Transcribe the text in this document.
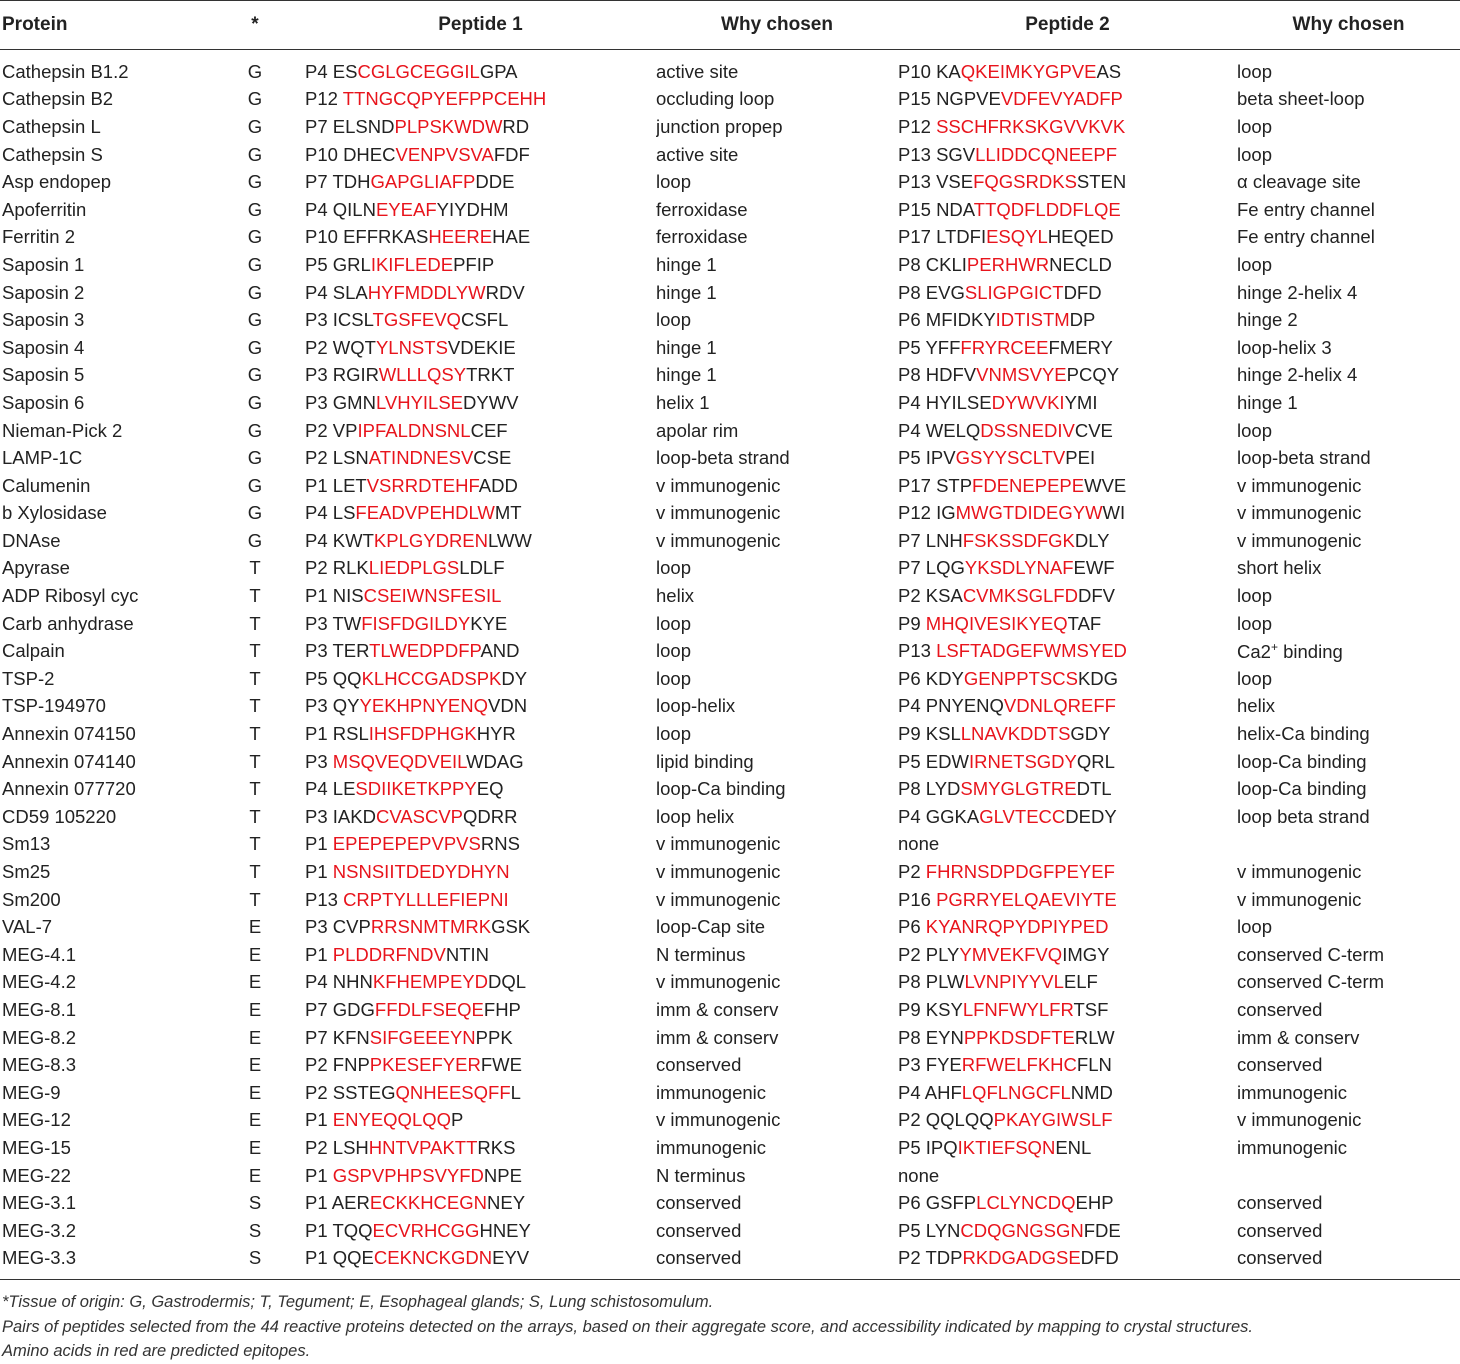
Protein	*	Peptide 1	Why chosen	Peptide 2	Why chosen

Cathepsin B1.2	G	P4 ESCGLGCEGGILGPA	active site	P10 KAQKEIMKYGPVEAS	loop
Cathepsin B2	G	P12 TTNGCQPYEFPPCEHH	occluding loop	P15 NGPVEVDFEVYADFP	beta sheet-loop
Cathepsin L	G	P7 ELSNDPLPSKWDWRD	junction propep	P12 SSCHFRKSKGVVKVK	loop
Cathepsin S	G	P10 DHECVENPVSVAFDF	active site	P13 SGVLLIDDCQNEEPF	loop
Asp endopep	G	P7 TDHGAPGLIAFPDDE	loop	P13 VSEFQGSRDKSSTEN	α cleavage site
Apoferritin	G	P4 QILNEYEAFYIYDHM	ferroxidase	P15 NDATTQDFLDDFLQE	Fe entry channel
Ferritin 2	G	P10 EFFRKASHEEREHAE	ferroxidase	P17 LTDFIESQYLHEQED	Fe entry channel
Saposin 1	G	P5 GRLIKIFLEDEPFIP	hinge 1	P8 CKLIPERHWRNECLD	loop
Saposin 2	G	P4 SLAHYFMDDLYWRDV	hinge 1	P8 EVGSLIGPGICTDFD	hinge 2-helix 4
Saposin 3	G	P3 ICSLTGSFEVQCSFL	loop	P6 MFIDKYIDTISTMDP	hinge 2
Saposin 4	G	P2 WQTYLNSTSVDEKIE	hinge 1	P5 YFFFRYRCEEFMERY	loop-helix 3
Saposin 5	G	P3 RGIRWLLLQSYTRKT	hinge 1	P8 HDFVVNMSVYEPCQY	hinge 2-helix 4
Saposin 6	G	P3 GMNLVHYILSEDYWV	helix 1	P4 HYILSEDYWVKIYMI	hinge 1
Nieman-Pick 2	G	P2 VPIPFALDNSNLCEF	apolar rim	P4 WELQDSSNEDIVCVE	loop
LAMP-1C	G	P2 LSNATINDNESVCSE	loop-beta strand	P5 IPVGSYYSCLTVPEI	loop-beta strand
Calumenin	G	P1 LETVSRRDTEHFADD	v immunogenic	P17 STPFDENEPEPEWVE	v immunogenic
b Xylosidase	G	P4 LSFEADVPEHDLWMT	v immunogenic	P12 IGMWGTDIDEGYWWI	v immunogenic
DNAse	G	P4 KWTKPLGYDRENLWW	v immunogenic	P7 LNHFSKSSDFGKDLY	v immunogenic
Apyrase	T	P2 RLKLIEDPLGSLDLF	loop	P7 LQGYKSDLYNAFEWF	short helix
ADP Ribosyl cyc	T	P1 NISCSEIWNSFESIL	helix	P2 KSACVMKSGLFDDFV	loop
Carb anhydrase	T	P3 TWFISFDGILDYKYE	loop	P9 MHQIVESIKYEQTAF	loop
Calpain	T	P3 TERTLWEDPDFPAND	loop	P13 LSFTADGEFWMSYED	Ca2+ binding
TSP-2	T	P5 QQKLHCCGADSPKDY	loop	P6 KDYGENPPTSCSKDG	loop
TSP-194970	T	P3 QYYEKHPNYENQVDN	loop-helix	P4 PNYENQVDNLQREFF	helix
Annexin 074150	T	P1 RSLIHSFDPHGKHYR	loop	P9 KSLLNAVKDDTSGDY	helix-Ca binding
Annexin 074140	T	P3 MSQVEQDVEILWDAG	lipid binding	P5 EDWIRNETSGDYQRL	loop-Ca binding
Annexin 077720	T	P4 LESDIIKETKPPYEQ	loop-Ca binding	P8 LYDSMYGLGTREDTL	loop-Ca binding
CD59 105220	T	P3 IAKDCVASCVPQDRR	loop helix	P4 GGKAGLVTECCDEDY	loop beta strand
Sm13	T	P1 EPEPEPEPVPVSRNS	v immunogenic	none	
Sm25	T	P1 NSNSIITDEDYDHYN	v immunogenic	P2 FHRNSDPDGFPEYEF	v immunogenic
Sm200	T	P13 CRPTYLLLEFIEPNI	v immunogenic	P16 PGRRYELQAEVIYTE	v immunogenic
VAL-7	E	P3 CVPRRSNMTMRKGSK	loop-Cap site	P6 KYANRQPYDPIYPED	loop
MEG-4.1	E	P1 PLDDRFNDVNTIN	N terminus	P2 PLYYMVEKFVQIMGY	conserved C-term
MEG-4.2	E	P4 NHNKFHEMPEYDDQL	v immunogenic	P8 PLWLVNPIYYVLELF	conserved C-term
MEG-8.1	E	P7 GDGFFDLFSEQEFHP	imm & conserv	P9 KSYLFNFWYLFRTSF	conserved
MEG-8.2	E	P7 KFNSIFGEEEYNPPK	imm & conserv	P8 EYNPPKDSDFTERLW	imm & conserv
MEG-8.3	E	P2 FNPPKESEFYERFWE	conserved	P3 FYERFWELFKHCFLN	conserved
MEG-9	E	P2 SSTEGQNHEESQFFL	immunogenic	P4 AHFLQFLNGCFLNMD	immunogenic
MEG-12	E	P1 ENYEQQLQQP	v immunogenic	P2 QQLQQPKAYGIWSLF	v immunogenic
MEG-15	E	P2 LSHHNTVPAKTTRKS	immunogenic	P5 IPQIKTIEFSQNENL	immunogenic
MEG-22	E	P1 GSPVPHPSVYFDNPE	N terminus	none	
MEG-3.1	S	P1 AERECKKHCEGNNEY	conserved	P6 GSFPLCLYNCDQEHP	conserved
MEG-3.2	S	P1 TQQECVRHCGGHNEY	conserved	P5 LYNCDQGNGSGNFDE	conserved
MEG-3.3	S	P1 QQECEKNCKGDNEYV	conserved	P2 TDPRKDGADGSEDFD	conserved
*Tissue of origin: G, Gastrodermis; T, Tegument; E, Esophageal glands; S, Lung schistosomulum.
Pairs of peptides selected from the 44 reactive proteins detected on the arrays, based on their aggregate score, and accessibility indicated by mapping to crystal structures.
Amino acids in red are predicted epitopes.
